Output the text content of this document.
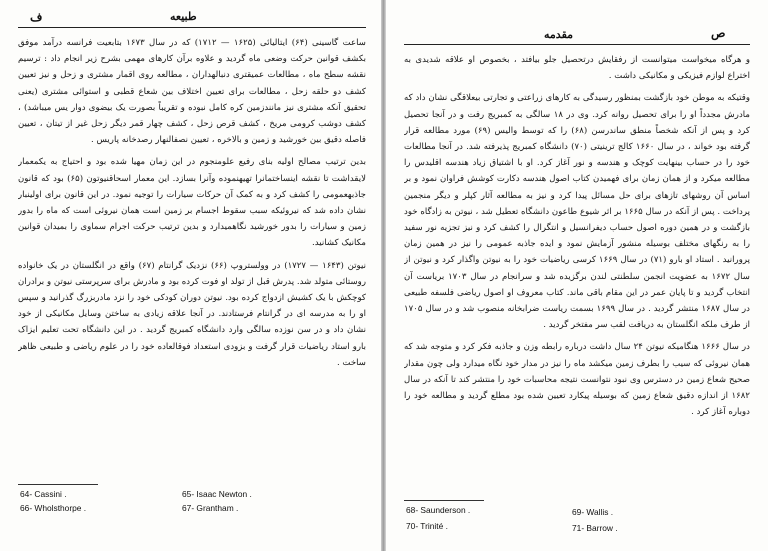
ف	طبیعه

ساعت گاسینی (۶۴) ایتالیائی (۱۶۲۵ — ۱۷۱۲) که در سال ۱۶۷۳ بتابعیت فرانسه درآمد موفق بکشف قوانین حرکت وضعی ماه گردید و علاوه برآن کارهای مهمی بشرح زیر انجام داد : ترسیم نقشه سطح ماه ، مطالعات عمیقتری دنبالهداران ، مطالعه روی اقمار مشتری و زحل و نیز تعیین کشف دو حلقه زحل ، مطالعات برای تعیین اختلاف بین شعاع قطبی و استوائی مشتری (یعنی تحقیق آنکه مشتری نیز مانندزمین کره کامل نبوده و تقریباً بصورت یک بیضوی دوار یس میباشد) ، کشف دوشب کرومی مریخ ، کشف قرص زحل ، کشف چهار قمر دیگر زحل غیر از تیتان ، تعیین فاصله دقیق بین خورشید و زمین و بالاخره ، تعیین نصفالنهار رصدخانه پاریس .

بدین ترتیب مصالح اولیه بنای رفیع علومنجوم در این زمان مهیا شده بود و احتیاج به یکمعمار لایقداشت تا نقشه اینساختمانرا تهیهنموده وآنرا بسازد. این معمار اسحاقنیوتون (۶۵) بود که قانون جاذبهعمومی را کشف کرد و به کمک آن حرکات سیارات را توجیه نمود. در این قانون برای اولینبار نشان داده شد که نیروئیکه سبب سقوط اجسام بر زمین است همان نیروئی است که ماه را بدور زمین و سیارات را بدور خورشید نگاهمیدارد و بدین ترتیب حرکت اجرام سماوی را بمیدان قوانین مکانیک کشانید.

نیوتن (۱۶۴۳ — ۱۷۲۷) در وولستروپ (۶۶) نزدیک گرانتام (۶۷) واقع در انگلستان در یک خانواده روستائی متولد شد. پدرش قبل از تولد او فوت کرده بود و مادرش برای سرپرستی نیوتن و برادران کوچکش با یک کشیش ازدواج کرده بود. نیوتن دوران کودکی خود را نزد مادربزرگ گذرانید و سپس او را به مدرسه ای در گرانتام فرستادند. در آنجا علاقه زیادی به ساختن وسایل مکانیکی از خود نشان داد و در سن نوزده سالگی وارد دانشگاه کمبریج گردید . در این دانشگاه تحت تعلیم ایزاک بارو استاد ریاضیات قرار گرفت و بزودی استعداد فوقالعاده خود را در علوم ریاضی و طبیعی ظاهر ساخت .

64- Cassini .	65- Isaac Newton .
66- Wholsthorpe .	67- Grantham .
ص
مقدمه

و هرگاه میخواست میتوانست از رفقایش درتحصیل جلو بیافتد ، بخصوص او علاقه شدیدی به اختراع لوازم فیزیکی و مکانیکی داشت .

وقتیکه به موطن خود بازگشت بمنظور رسیدگی به کارهای زراعتی و تجارتی بیعلاقگی نشان داد که مادرش مجدداً او را برای تحصیل روانه کرد. وی در ۱۸ سالگی به کمبریج رفت و در آنجا تحصیل کرد و پس از آنکه شخصاً منطق ساندرسن (۶۸) را که توسط والیس (۶۹) مورد مطالعه قرار گرفته بود خواند ، در سال ۱۶۶۰ کالج ترینیتی (۷۰) دانشگاه کمبریج پذیرفته شد. در آنجا مطالعات خود را در حساب بینهایت کوچک و هندسه و نور آغاز کرد. او با اشتیاق زیاد هندسه اقلیدس را مطالعه میکرد و از همان زمان برای فهمیدن کتاب اصول هندسه دکارت کوشش فراوان نمود و بر اساس آن روشهای تازهای برای حل مسائل پیدا کرد و نیز به مطالعه آثار کپلر و دیگر منجمین پرداخت . پس از آنکه در سال ۱۶۶۵ بر اثر شیوع طاعون دانشگاه تعطیل شد ، نیوتن به زادگاه خود بازگشت و در همین دوره اصول حساب دیفرانسیل و انتگرال را کشف کرد و نیز تجزیه نور سفید را به رنگهای مختلف بوسیله منشور آزمایش نمود و ایده جاذبه عمومی را نیز در همین زمان پرورانید . استاد او بارو (۷۱) در سال ۱۶۶۹ کرسی ریاضیات خود را به نیوتن واگذار کرد و نیوتن از سال ۱۶۷۲ به عضویت انجمن سلطنتی لندن برگزیده شد و سرانجام در سال ۱۷۰۳ بریاست آن انتخاب گردید و تا پایان عمر در این مقام باقی ماند. کتاب معروف او اصول ریاضی فلسفه طبیعی در سال ۱۶۸۷ منتشر گردید . در سال ۱۶۹۹ بسمت ریاست ضرابخانه منصوب شد و در سال ۱۷۰۵ از طرف ملکه انگلستان به دریافت لقب سر مفتخر گردید .

در سال ۱۶۶۶ هنگامیکه نیوتن ۲۴ سال داشت درباره رابطه وزن و جاذبه فکر کرد و متوجه شد که همان نیروئی که سیب را بطرف زمین میکشد ماه را نیز در مدار خود نگاه میدارد ولی چون مقدار صحیح شعاع زمین در دسترس وی نبود نتوانست نتیجه محاسبات خود را منتشر کند تا آنکه در سال ۱۶۸۲ از اندازه دقیق شعاع زمین که بوسیله پیکارد تعیین شده بود مطلع گردید و مطالعه خود را دوباره آغاز کرد .

68- Saunderson .	69- Wallis .
70- Trinité .	71- Barrow .
